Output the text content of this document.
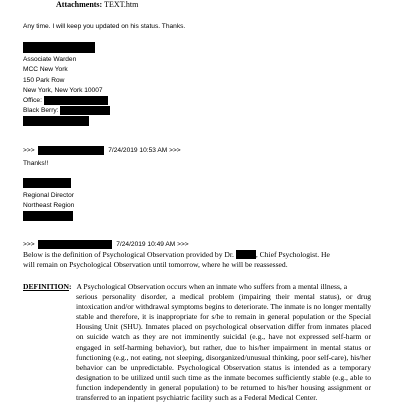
Attachments: TEXT.htm
Any time. I will keep you updated on his status. Thanks.
Associate Warden
MCC New York
150 Park Row
New York, New York 10007
Office:
Black Berry:
>>>	7/24/2019 10:53 AM >>>
Thanks!!
Regional Director
Northeast Region
>>>	7/24/2019 10:49 AM >>>
Below is the definition of Psychological Observation provided by Dr.	, Chief Psychologist. He
will remain on Psychological Observation until tomorrow, where he will be reassessed.
DEFINITION: A Psychological Observation occurs when an inmate who suffers from a mental illness, a
serious personality disorder, a medical problem (impairing their mental status), or drug intoxication and/or withdrawal symptoms begins to deteriorate. The inmate is no longer mentally stable and therefore, it is inappropriate for s/he to remain in general population or the Special Housing Unit (SHU). Inmates placed on psychological observation differ from inmates placed on suicide watch as they are not imminently suicidal (e.g., have not expressed self-harm or engaged in self-harming behavior), but rather, due to his/her impairment in mental status or functioning (e.g., not eating, not sleeping, disorganized/unusual thinking, poor self-care), his/her behavior can be unpredictable. Psychological Observation status is intended as a temporary designation to be utilized until such time as the inmate becomes sufficiently stable (e.g., able to function independently in general population) to be returned to his/her housing assignment or transferred to an inpatient psychiatric facility such as a Federal Medical Center.
